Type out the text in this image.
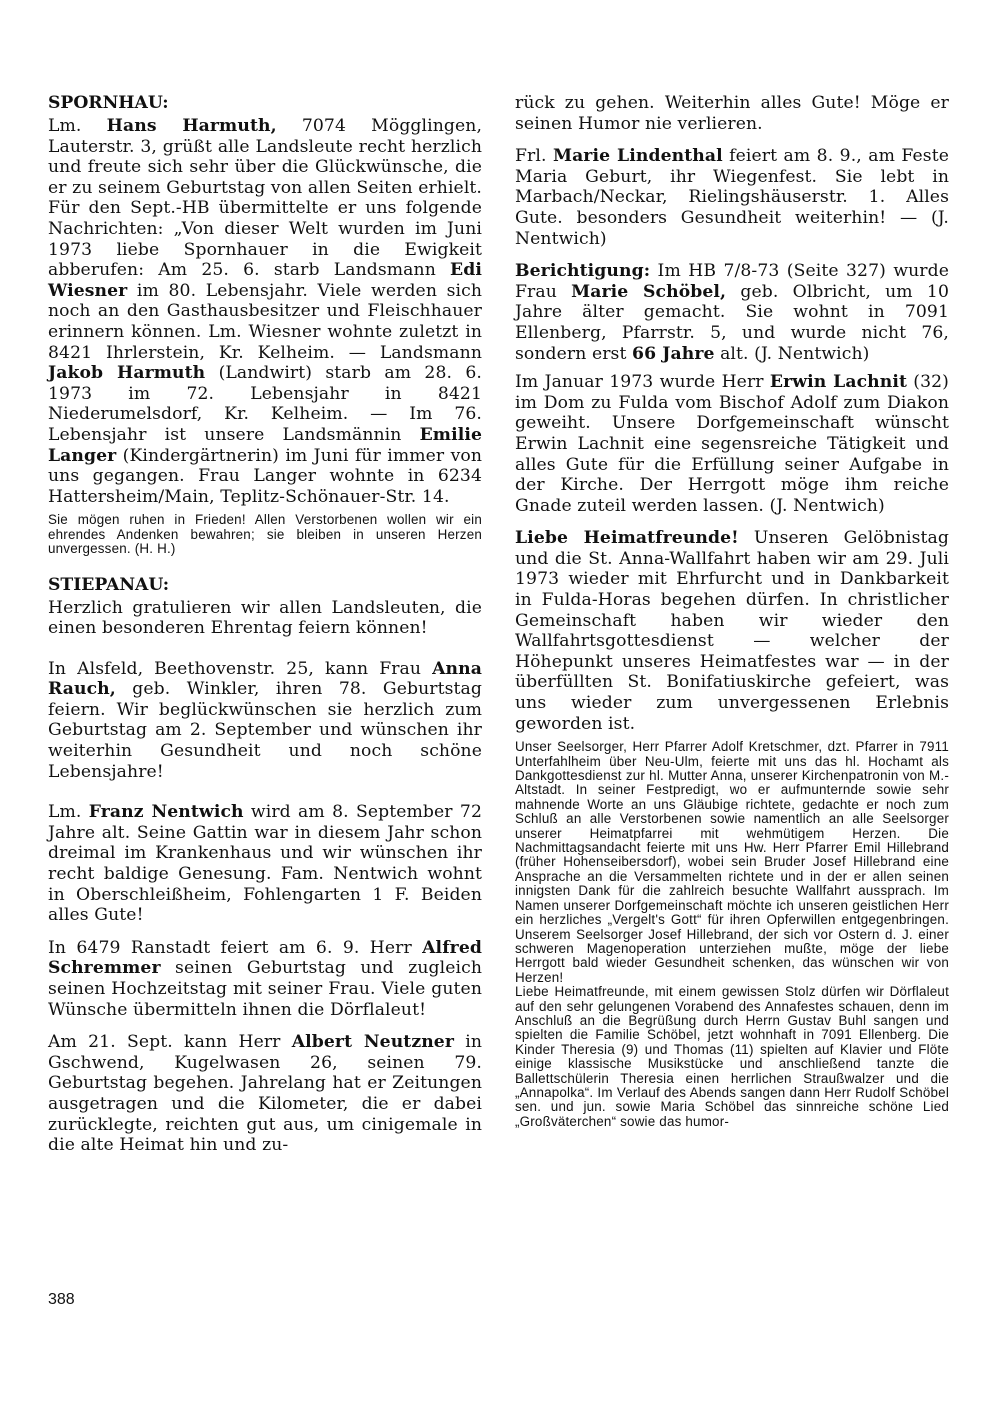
SPORNHAU:

Lm. Hans Harmuth, 7074 Mögglingen, Lauterstr. 3, grüßt alle Landsleute recht herzlich und freute sich sehr über die Glückwünsche, die er zu seinem Geburtstag von allen Seiten erhielt. Für den Sept.-HB übermittelte er uns folgende Nachrichten: „Von dieser Welt wurden im Juni 1973 liebe Spornhauer in die Ewigkeit abberufen: Am 25. 6. starb Landsmann Edi Wiesner im 80. Lebensjahr. Viele werden sich noch an den Gasthausbesitzer und Fleischhauer erinnern können. Lm. Wiesner wohnte zuletzt in 8421 Ihrlerstein, Kr. Kelheim. — Landsmann Jakob Harmuth (Landwirt) starb am 28. 6. 1973 im 72. Lebensjahr in 8421 Niederumelsdorf, Kr. Kelheim. — Im 76. Lebensjahr ist unsere Landsmännin Emilie Langer (Kindergärtnerin) im Juni für immer von uns gegangen. Frau Langer wohnte in 6234 Hattersheim/Main, Teplitz-Schönauer-Str. 14.

Sie mögen ruhen in Frieden! Allen Verstorbenen wollen wir ein ehrendes Andenken bewahren; sie bleiben in unseren Herzen unvergessen. (H. H.)

STIEPANAU:

Herzlich gratulieren wir allen Landsleuten, die einen besonderen Ehrentag feiern können!

In Alsfeld, Beethovenstr. 25, kann Frau Anna Rauch, geb. Winkler, ihren 78. Geburtstag feiern. Wir beglückwünschen sie herzlich zum Geburtstag am 2. September und wünschen ihr weiterhin Gesundheit und noch schöne Lebensjahre!

Lm. Franz Nentwich wird am 8. September 72 Jahre alt. Seine Gattin war in diesem Jahr schon dreimal im Krankenhaus und wir wünschen ihr recht baldige Genesung. Fam. Nentwich wohnt in Oberschleißheim, Fohlengarten 1 F. Beiden alles Gute!

In 6479 Ranstadt feiert am 6. 9. Herr Alfred Schremmer seinen Geburtstag und zugleich seinen Hochzeitstag mit seiner Frau. Viele guten Wünsche übermitteln ihnen die Dörflaleut!

Am 21. Sept. kann Herr Albert Neutzner in Gschwend, Kugelwasen 26, seinen 79. Geburtstag begehen. Jahrelang hat er Zeitungen ausgetragen und die Kilometer, die er dabei zurücklegte, reichten gut aus, um cinigemale in die alte Heimat hin und zu-

rück zu gehen. Weiterhin alles Gute! Möge er seinen Humor nie verlieren.

Frl. Marie Lindenthal feiert am 8. 9., am Feste Maria Geburt, ihr Wiegenfest. Sie lebt in Marbach/Neckar, Rielingshäuserstr. 1. Alles Gute. besonders Gesundheit weiterhin! — (J. Nentwich)

Berichtigung: Im HB 7/8-73 (Seite 327) wurde Frau Marie Schöbel, geb. Olbricht, um 10 Jahre älter gemacht. Sie wohnt in 7091 Ellenberg, Pfarrstr. 5, und wurde nicht 76, sondern erst 66 Jahre alt. (J. Nentwich)

Im Januar 1973 wurde Herr Erwin Lachnit (32) im Dom zu Fulda vom Bischof Adolf zum Diakon geweiht. Unsere Dorfgemeinschaft wünscht Erwin Lachnit eine segensreiche Tätigkeit und alles Gute für die Erfüllung seiner Aufgabe in der Kirche. Der Herrgott möge ihm reiche Gnade zuteil werden lassen. (J. Nentwich)

Liebe Heimatfreunde! Unseren Gelöbnistag und die St. Anna-Wallfahrt haben wir am 29. Juli 1973 wieder mit Ehrfurcht und in Dankbarkeit in Fulda-Horas begehen dürfen. In christlicher Gemeinschaft haben wir wieder den Wallfahrtsgottesdienst — welcher der Höhepunkt unseres Heimatfestes war — in der überfüllten St. Bonifatiuskirche gefeiert, was uns wieder zum unvergessenen Erlebnis geworden ist.

Unser Seelsorger, Herr Pfarrer Adolf Kretschmer, dzt. Pfarrer in 7911 Unterfahlheim über Neu-Ulm, feierte mit uns das hl. Hochamt als Dankgottesdienst zur hl. Mutter Anna, unserer Kirchenpatronin von M.-Altstadt. In seiner Festpredigt, wo er aufmunternde sowie sehr mahnende Worte an uns Gläubige richtete, gedachte er noch zum Schluß an alle Verstorbenen sowie namentlich an alle Seelsorger unserer Heimatpfarrei mit wehmütigem Herzen. Die Nachmittagsandacht feierte mit uns Hw. Herr Pfarrer Emil Hillebrand (früher Hohenseibersdorf), wobei sein Bruder Josef Hillebrand eine Ansprache an die Versammelten richtete und in der er allen seinen innigsten Dank für die zahlreich besuchte Wallfahrt aussprach. Im Namen unserer Dorfgemeinschaft möchte ich unseren geistlichen Herr ein herzliches „Vergelt's Gott“ für ihren Opferwillen entgegenbringen. Unserem Seelsorger Josef Hillebrand, der sich vor Ostern d. J. einer schweren Magenoperation unterziehen mußte, möge der liebe Herrgott bald wieder Gesundheit schenken, das wünschen wir von Herzen!

Liebe Heimatfreunde, mit einem gewissen Stolz dürfen wir Dörflaleut auf den sehr gelungenen Vorabend des Annafestes schauen, denn im Anschluß an die Begrüßung durch Herrn Gustav Buhl sangen und spielten die Familie Schöbel, jetzt wohnhaft in 7091 Ellenberg. Die Kinder Theresia (9) und Thomas (11) spielten auf Klavier und Flöte einige klassische Musikstücke und anschließend tanzte die Ballettschülerin Theresia einen herrlichen Straußwalzer und die „Annapolka“. Im Verlauf des Abends sangen dann Herr Rudolf Schöbel sen. und jun. sowie Maria Schöbel das sinnreiche schöne Lied „Großväterchen“ sowie das humor-

388
